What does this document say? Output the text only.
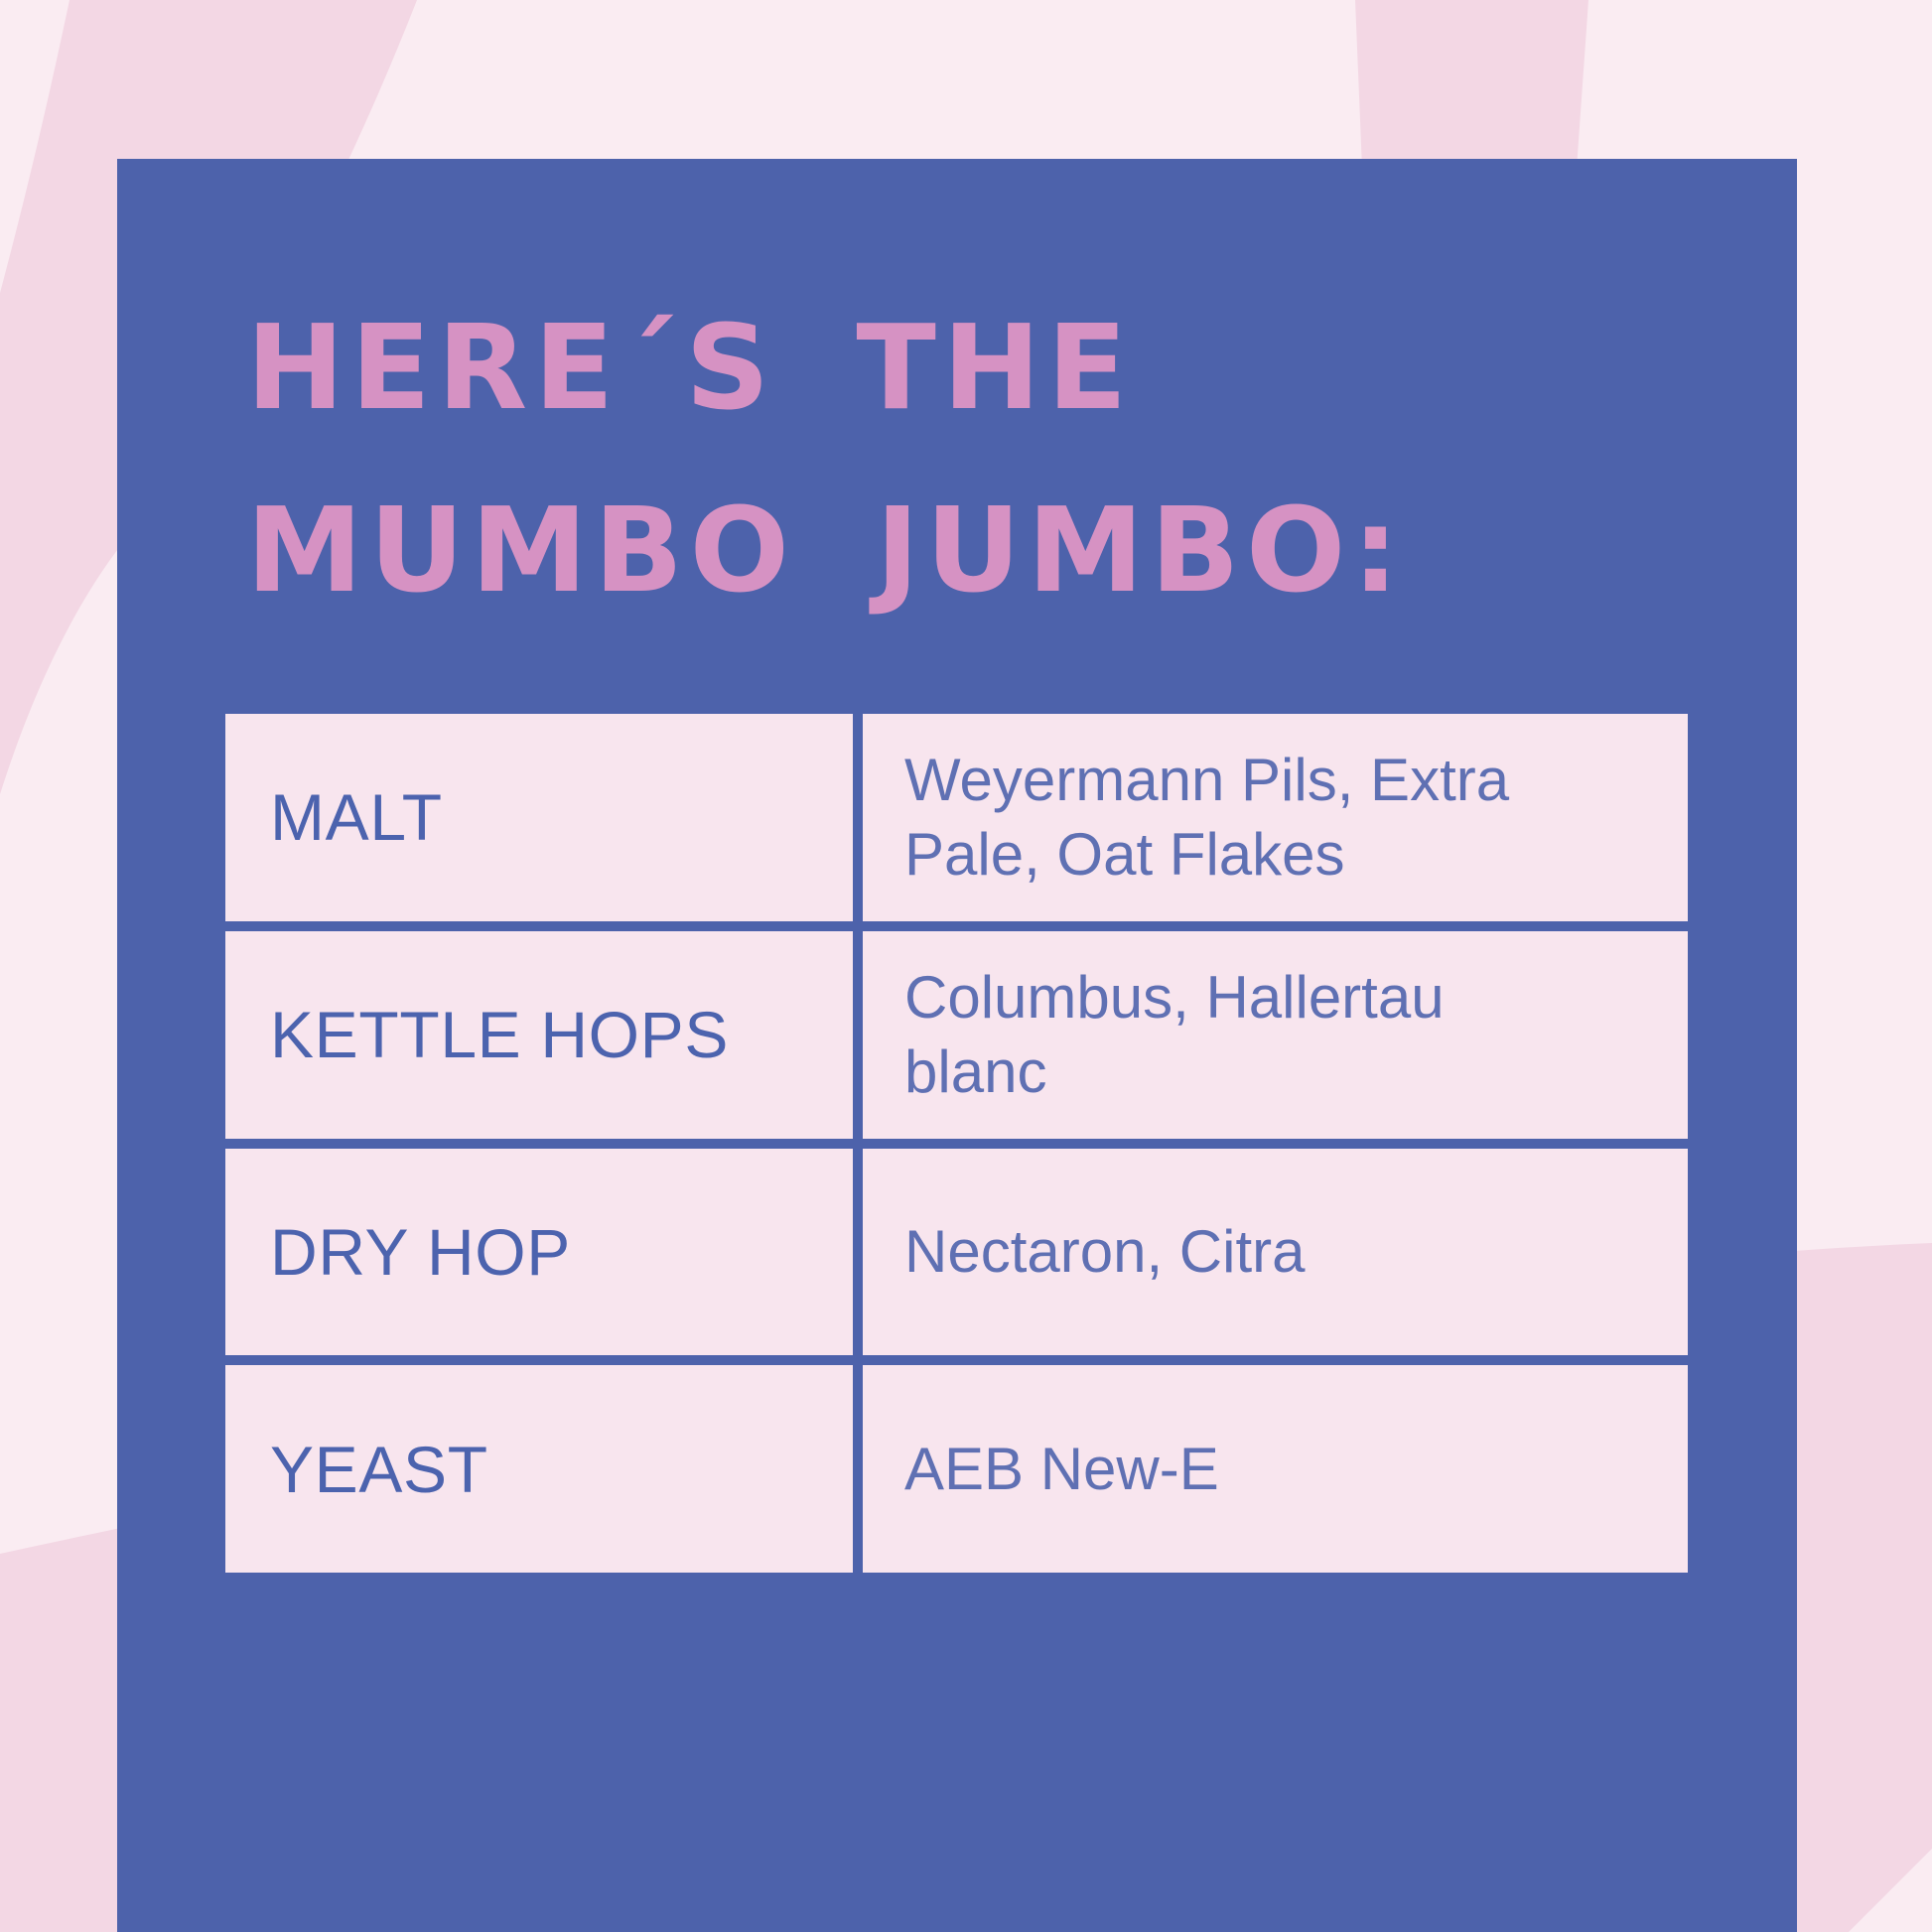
HERE´S THE
MUMBO JUMBO:
MALT
Weyermann Pils, Extra Pale, Oat Flakes
KETTLE HOPS
Columbus, Hallertau blanc
DRY HOP	Nectaron, Citra
YEAST	AEB New-E
